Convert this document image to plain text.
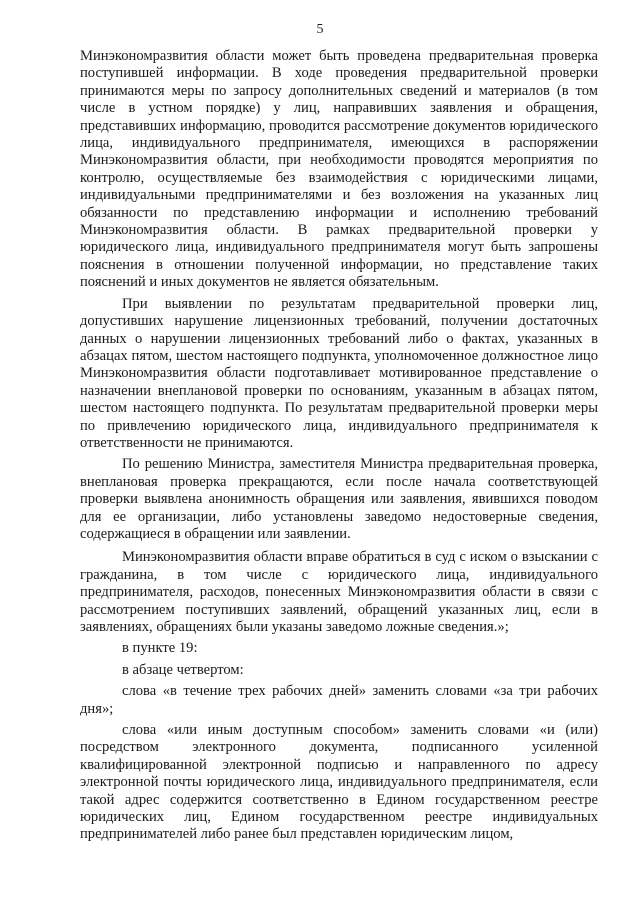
5

Минэкономразвития области может быть проведена предварительная проверка поступившей информации. В ходе проведения предварительной проверки принимаются меры по запросу дополнительных сведений и материалов (в том числе в устном порядке) у лиц, направивших заявления и обращения, представивших информацию, проводится рассмотрение документов юридического лица, индивидуального предпринимателя, имеющихся в распоряжении Минэкономразвития области, при необходимости проводятся мероприятия по контролю, осуществляемые без взаимодействия с юридическими лицами, индивидуальными предпринимателями и без возложения на указанных лиц обязанности по представлению информации и исполнению требований Минэкономразвития области. В рамках предварительной проверки у юридического лица, индивидуального предпринимателя могут быть запрошены пояснения в отношении полученной информации, но представление таких пояснений и иных документов не является обязательным.

При выявлении по результатам предварительной проверки лиц, допустивших нарушение лицензионных требований, получении достаточных данных о нарушении лицензионных требований либо о фактах, указанных в абзацах пятом, шестом настоящего подпункта, уполномоченное должностное лицо Минэкономразвития области подготавливает мотивированное представление о назначении внеплановой проверки по основаниям, указанным в абзацах пятом, шестом настоящего подпункта. По результатам предварительной проверки меры по привлечению юридического лица, индивидуального предпринимателя к ответственности не принимаются.

По решению Министра, заместителя Министра предварительная проверка, внеплановая проверка прекращаются, если после начала соответствующей проверки выявлена анонимность обращения или заявления, явившихся поводом для ее организации, либо установлены заведомо недостоверные сведения, содержащиеся в обращении или заявлении.

Минэкономразвития области вправе обратиться в суд с иском о взыскании с гражданина, в том числе с юридического лица, индивидуального предпринимателя, расходов, понесенных Минэкономразвития области в связи с рассмотрением поступивших заявлений, обращений указанных лиц, если в заявлениях, обращениях были указаны заведомо ложные сведения.»;

в пункте 19:

в абзаце четвертом:

слова «в течение трех рабочих дней» заменить словами «за три рабочих дня»;

слова «или иным доступным способом» заменить словами «и (или) посредством электронного документа, подписанного усиленной квалифицированной электронной подписью и направленного по адресу электронной почты юридического лица, индивидуального предпринимателя, если такой адрес содержится соответственно в Едином государственном реестре юридических лиц, Едином государственном реестре индивидуальных предпринимателей либо ранее был представлен юридическим лицом,
